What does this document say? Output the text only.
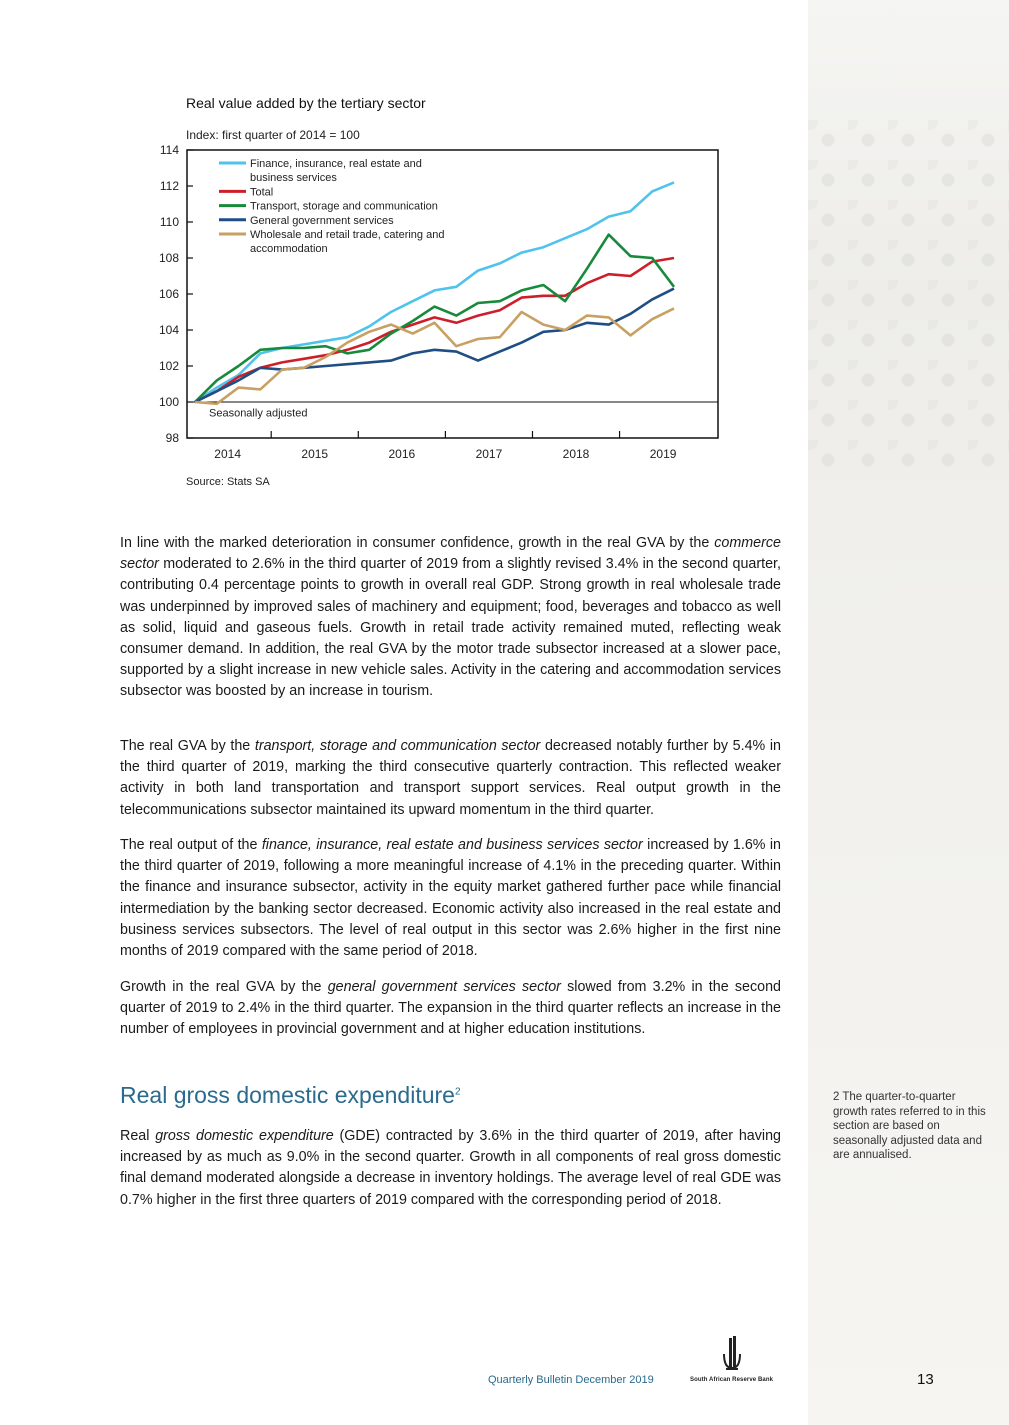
Real value added by the tertiary sector
Index: first quarter of 2014 = 100
98
100
102
104
106
108
110
112
114
2014	2015	2016	2017	2018	2019
Finance, insurance, real estate and
business services
Total
Transport, storage and communication
General government services
Wholesale and retail trade, catering and
accommodation
Seasonally adjusted
Source: Stats SA

In line with the marked deterioration in consumer confidence, growth in the real GVA by the commerce sector moderated to 2.6% in the third quarter of 2019 from a slightly revised 3.4% in the second quarter, contributing 0.4 percentage points to growth in overall real GDP. Strong growth in real wholesale trade was underpinned by improved sales of machinery and equipment; food, beverages and tobacco as well as solid, liquid and gaseous fuels. Growth in retail trade activity remained muted, reflecting weak consumer demand. In addition, the real GVA by the motor trade subsector increased at a slower pace, supported by a slight increase in new vehicle sales. Activity in the catering and accommodation services subsector was boosted by an increase in tourism.

The real GVA by the transport, storage and communication sector decreased notably further by 5.4% in the third quarter of 2019, marking the third consecutive quarterly contraction. This reflected weaker activity in both land transportation and transport support services. Real output growth in the telecommunications subsector maintained its upward momentum in the third quarter.

The real output of the finance, insurance, real estate and business services sector increased by 1.6% in the third quarter of 2019, following a more meaningful increase of 4.1% in the preceding quarter. Within the finance and insurance subsector, activity in the equity market gathered further pace while financial intermediation by the banking sector decreased. Economic activity also increased in the real estate and business services subsectors. The level of real output in this sector was 2.6% higher in the first nine months of 2019 compared with the same period of 2018.

Growth in the real GVA by the general government services sector slowed from 3.2% in the second quarter of 2019 to 2.4% in the third quarter. The expansion in the third quarter reflects an increase in the number of employees in provincial government and at higher education institutions.

Real gross domestic expenditure$^2$

Real gross domestic expenditure (GDE) contracted by 3.6% in the third quarter of 2019, after having increased by as much as 9.0% in the second quarter. Growth in all components of real gross domestic final demand moderated alongside a decrease in inventory holdings. The average level of real GDE was 0.7% higher in the first three quarters of 2019 compared with the corresponding period of 2018.

2 The quarter-to-quarter growth rates referred to in this section are based on seasonally adjusted data and are annualised.
Quarterly Bulletin December 2019	South African Reserve Bank	13
